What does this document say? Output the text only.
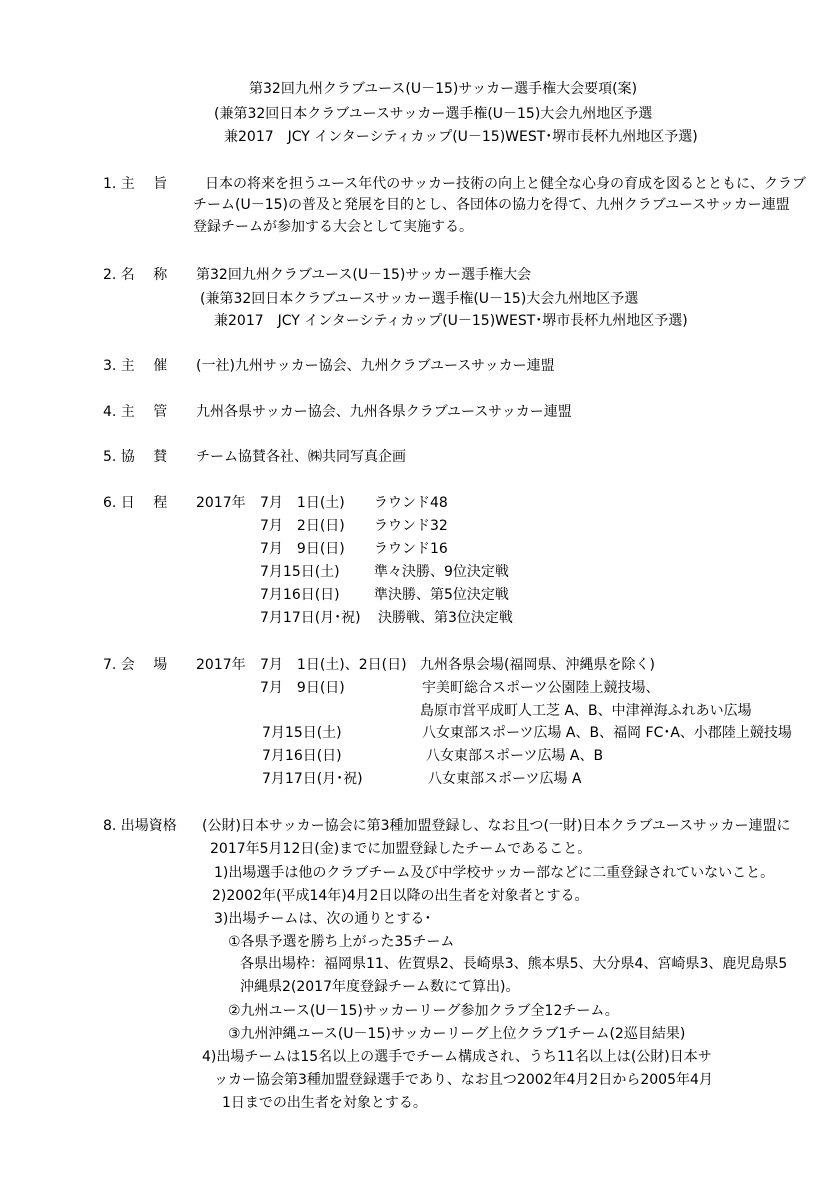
第32回九州クラブユース(U－15)サッカー選手権大会要項(案)
(兼第32回日本クラブユースサッカー選手権(U－15)大会九州地区予選
兼2017　JCY インターシティカップ(U－15)WEST･堺市長杯九州地区予選)
1. 主　 旨	日本の将来を担うユース年代のサッカー技術の向上と健全な心身の育成を図るとともに、クラブ
チーム(U－15)の普及と発展を目的とし、各団体の協力を得て、九州クラブユースサッカー連盟
登録チームが参加する大会として実施する。
2. 名　 称 第32回九州クラブユース(U－15)サッカー選手権大会
(兼第32回日本クラブユースサッカー選手権(U－15)大会九州地区予選
兼2017　JCY インターシティカップ(U－15)WEST･堺市長杯九州地区予選)
3. 主　 催 (一社)九州サッカー協会、九州クラブユースサッカー連盟
4. 主　 管 九州各県サッカー協会、九州各県クラブユースサッカー連盟
5. 協　 賛 チーム協賛各社、㈱共同写真企画
6. 日　 程 2017年 7月　1日(土) ラウンド48
7月　2日(日) ラウンド32
7月　9日(日) ラウンド16
7月15日(土) 準々決勝、9位決定戦
7月16日(日) 準決勝、第5位決定戦
7月17日(月･祝) 決勝戦、第3位決定戦
7. 会　 場 2017年 7月　1日(土)、2日(日) 九州各県会場(福岡県、沖縄県を除く)
7月　9日(日)	宇美町総合スポーツ公園陸上競技場、
島原市営平成町人工芝 A、B、中津禅海ふれあい広場
7月15日(土)	八女東部スポーツ広場 A、B、福岡 FC･A、小郡陸上競技場
7月16日(日)	八女東部スポーツ広場 A、B
7月17日(月･祝)	八女東部スポーツ広場 A
8. 出場資格 (公財)日本サッカー協会に第3種加盟登録し、なお且つ(一財)日本クラブユースサッカー連盟に
2017年5月12日(金)までに加盟登録したチームであること。
1)出場選手は他のクラブチーム及び中学校サッカー部などに二重登録されていないこと。
2)2002年(平成14年)4月2日以降の出生者を対象者とする。
3)出場チームは、次の通りとする･
①各県予選を勝ち上がった35チーム
各県出場枠：福岡県11、佐賀県2、長崎県3、熊本県5、大分県4、宮崎県3、鹿児島県5
沖縄県2(2017年度登録チーム数にて算出)。
②九州ユース(U－15)サッカーリーグ参加クラブ全12チーム。
③九州沖縄ユース(U－15)サッカーリーグ上位クラブ1チーム(2巡目結果)
4)出場チームは15名以上の選手でチーム構成され、うち11名以上は(公財)日本サ
ッカー協会第3種加盟登録選手であり、なお且つ2002年4月2日から2005年4月
1日までの出生者を対象とする。
